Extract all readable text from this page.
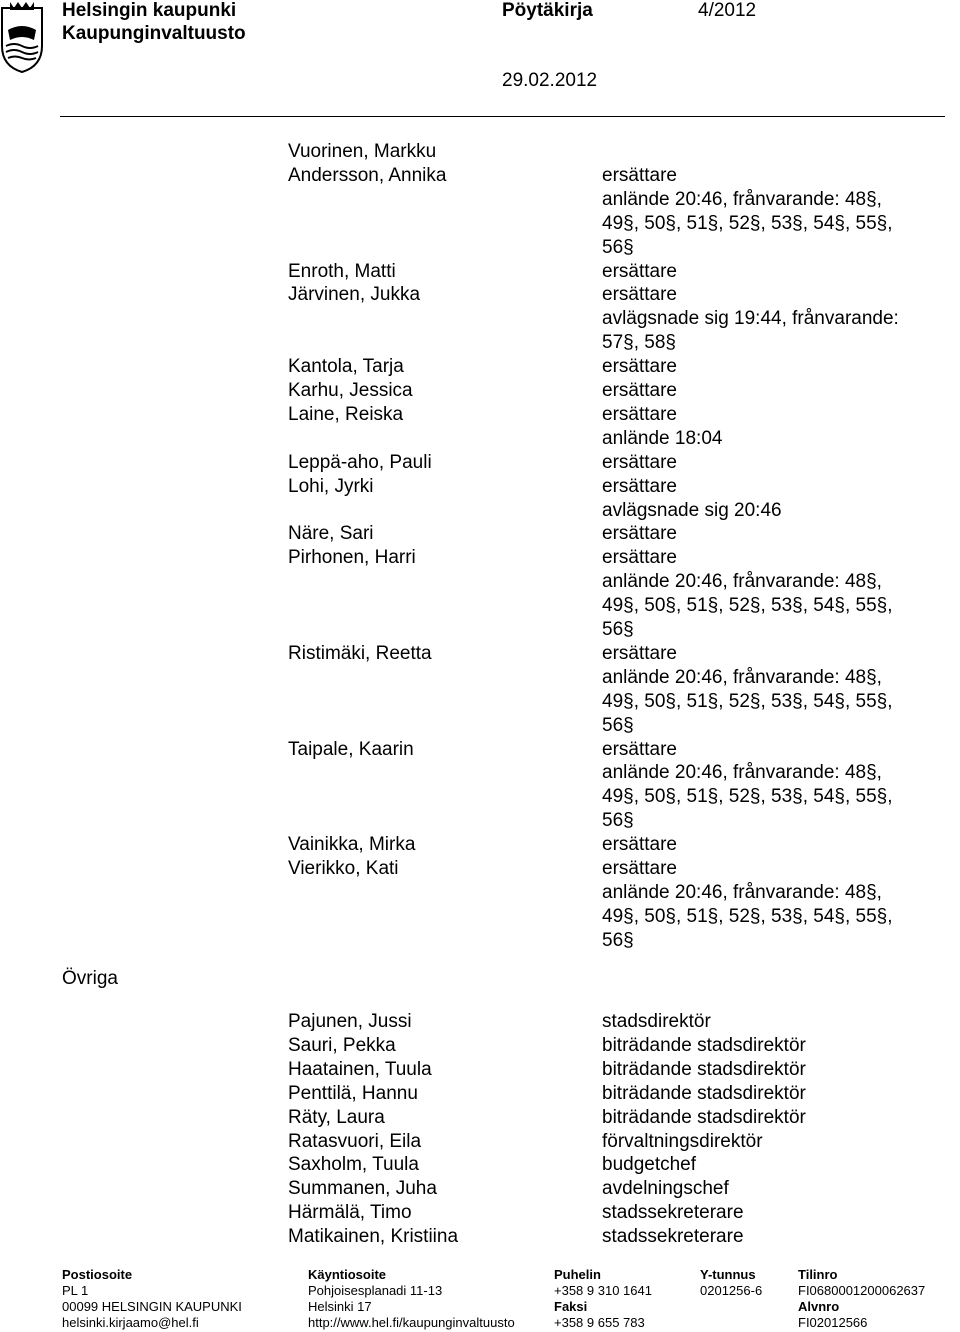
Helsingin kaupunki
Kaupunginvaltuusto
Pöytäkirja	4/2012
29.02.2012
Vuorinen, Markku
Andersson, Annika	ersättare
anlände 20:46, frånvarande: 48§,
49§, 50§, 51§, 52§, 53§, 54§, 55§,
56§
Enroth, Matti	ersättare
Järvinen, Jukka	ersättare
avlägsnade sig 19:44, frånvarande:
57§, 58§
Kantola, Tarja	ersättare
Karhu, Jessica	ersättare
Laine, Reiska	ersättare
anlände 18:04
Leppä-aho, Pauli	ersättare
Lohi, Jyrki	ersättare
avlägsnade sig 20:46
Näre, Sari	ersättare
Pirhonen, Harri	ersättare
anlände 20:46, frånvarande: 48§,
49§, 50§, 51§, 52§, 53§, 54§, 55§,
56§
Ristimäki, Reetta	ersättare
anlände 20:46, frånvarande: 48§,
49§, 50§, 51§, 52§, 53§, 54§, 55§,
56§
Taipale, Kaarin	ersättare
anlände 20:46, frånvarande: 48§,
49§, 50§, 51§, 52§, 53§, 54§, 55§,
56§
Vainikka, Mirka	ersättare
Vierikko, Kati	ersättare
anlände 20:46, frånvarande: 48§,
49§, 50§, 51§, 52§, 53§, 54§, 55§,
56§
Övriga
Pajunen, Jussi	stadsdirektör
Sauri, Pekka	biträdande stadsdirektör
Haatainen, Tuula	biträdande stadsdirektör
Penttilä, Hannu	biträdande stadsdirektör
Räty, Laura	biträdande stadsdirektör
Ratasvuori, Eila	förvaltningsdirektör
Saxholm, Tuula	budgetchef
Summanen, Juha	avdelningschef
Härmälä, Timo	stadssekreterare
Matikainen, Kristiina	stadssekreterare
Postiosoite
PL 1
00099 HELSINGIN KAUPUNKI
helsinki.kirjaamo@hel.fi
Käyntiosoite
Pohjoisesplanadi 11-13
Helsinki 17
http://www.hel.fi/kaupunginvaltuusto
Puhelin
+358 9 310 1641
Faksi
+358 9 655 783
Y-tunnus
0201256-6
Tilinro
FI0680001200062637
Alvnro
FI02012566
